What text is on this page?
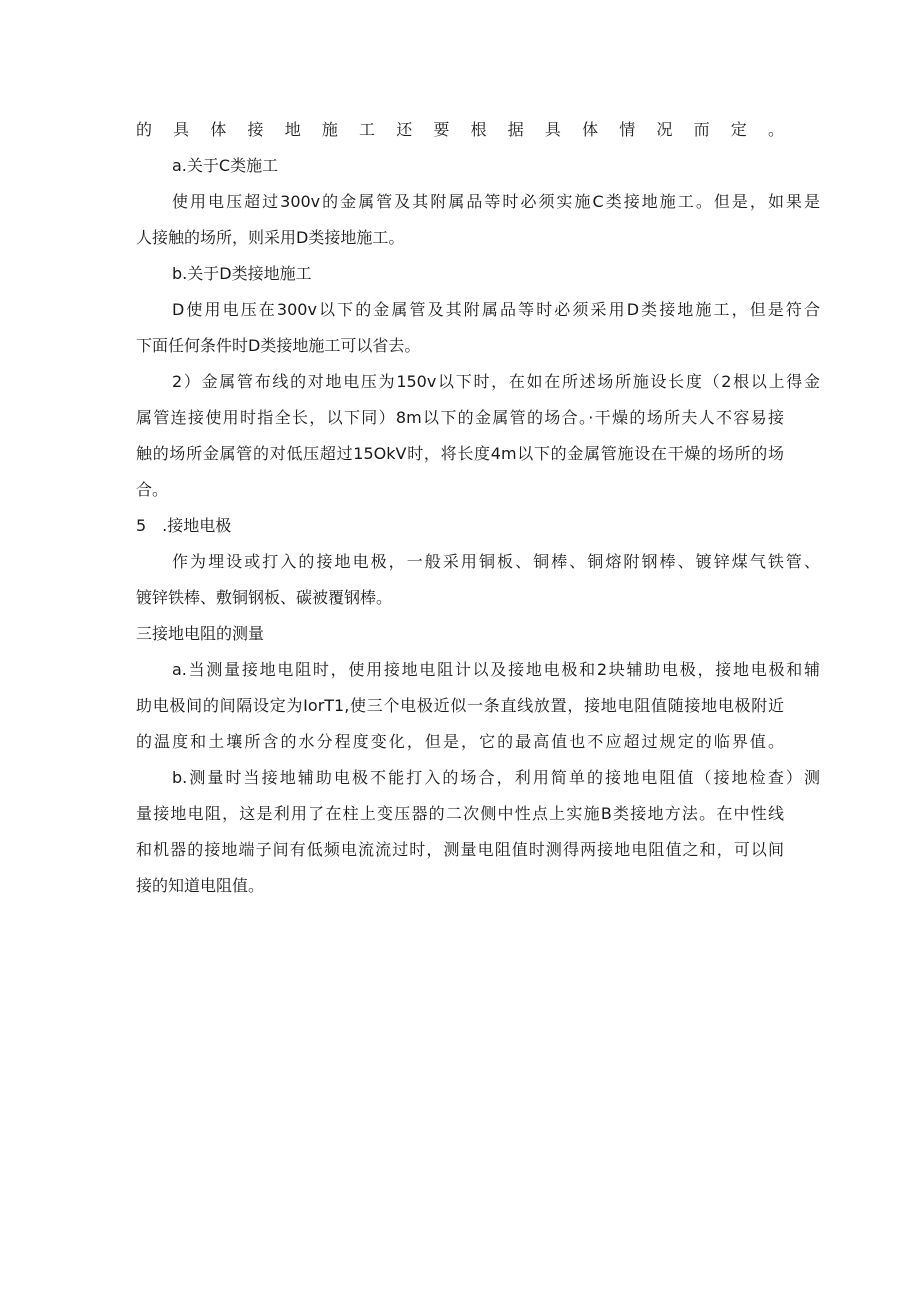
的具体接地施工还要根据具体情况而定。

a.关于C类施工

使用电压超过300v的金属管及其附属品等时必须实施C类接地施工。但是，如果是

人接触的场所，则采用D类接地施工。

b.关于D类接地施工

D使用电压在300v以下的金属管及其附属品等时必须采用D类接地施工，但是符合

下面任何条件时D类接地施工可以省去。

2）金属管布线的对地电压为150v以下时，在如在所述场所施设长度（2根以上得金

属管连接使用时指全长，以下同）8m以下的金属管的场合。·干燥的场所夫人不容易接

触的场所金属管的对低压超过15OkV时，将长度4m以下的金属管施设在干燥的场所的场

合。

5　.接地电极

作为埋设或打入的接地电极，一般采用铜板、铜棒、铜熔附钢棒、镀锌煤气铁管、

镀锌铁棒、敷铜钢板、碳被覆钢棒。

三接地电阻的测量

a.当测量接地电阻时，使用接地电阻计以及接地电极和2块辅助电极，接地电极和辅

助电极间的间隔设定为IorT1,使三个电极近似一条直线放置，接地电阻值随接地电极附近

的温度和土壤所含的水分程度变化，但是，它的最高值也不应超过规定的临界值。

b.测量时当接地辅助电极不能打入的场合，利用简单的接地电阻值（接地检查）测

量接地电阻，这是利用了在柱上变压器的二次侧中性点上实施B类接地方法。在中性线

和机器的接地端子间有低频电流流过时，测量电阻值时测得两接地电阻值之和，可以间

接的知道电阻值。
